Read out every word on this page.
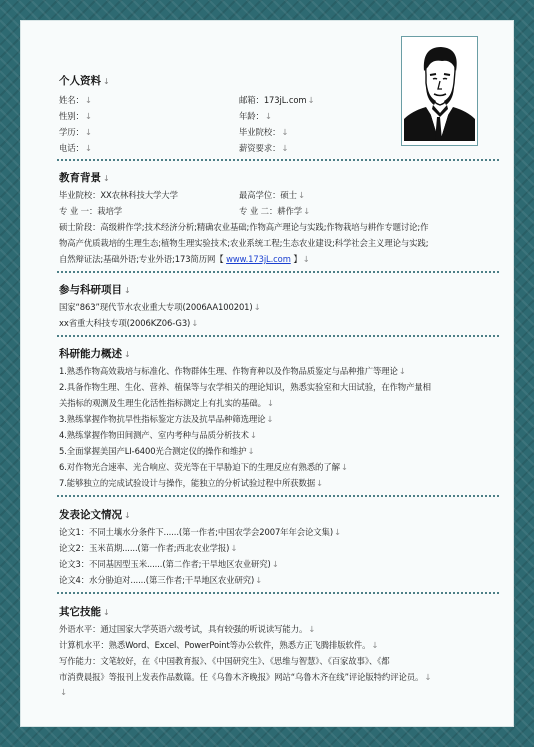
个人资料 ↓
姓名：↓	邮箱：173jL.com↓
性别：↓	年龄：↓
学历：↓	毕业院校：↓
电话：↓	薪资要求：↓
教育背景 ↓
毕业院校：XX农林科技大学大学	最高学位：硕士↓
专 业 一：栽培学	专 业 二：耕作学↓
硕士阶段：高级耕作学;技术经济分析;精确农业基础;作物高产理论与实践;作物栽培与耕作专题讨论;作
物高产优质栽培的生理生态;植物生理实验技术;农业系统工程;生态农业建设;科学社会主义理论与实践;
自然辩证法;基础外语;专业外语;173简历网【 www.173jL.com 】↓
参与科研项目 ↓
国家“863”现代节水农业重大专项(2006AA100201)↓
xx省重大科技专项(2006KZ06-G3)↓
科研能力概述 ↓
1.熟悉作物高效栽培与标准化、作物群体生理、作物育种以及作物品质鉴定与品种推广等理论↓
2.具备作物生理、生化、营养、植保等与农学相关的理论知识，熟悉实验室和大田试验，在作物产量相
关指标的观测及生理生化活性指标测定上有扎实的基础。↓
3.熟练掌握作物抗旱性指标鉴定方法及抗旱品种筛选理论↓
4.熟练掌握作物田间测产、室内考种与品质分析技术↓
5.全面掌握美国产LI-6400光合测定仪的操作和维护↓
6.对作物光合速率、光合响应、荧光等在干旱胁迫下的生理反应有熟悉的了解↓
7.能够独立的完成试验设计与操作，能独立的分析试验过程中所获数据↓
发表论文情况 ↓
论文1：不同土壤水分条件下......(第一作者;中国农学会2007年年会论文集)↓
论文2：玉米苗期......(第一作者;西北农业学报)↓
论文3：不同基因型玉米......(第二作者;干旱地区农业研究)↓
论文4：水分胁迫对......(第三作者;干旱地区农业研究)↓
其它技能 ↓
外语水平：通过国家大学英语六级考试，具有较强的听说读写能力。↓
计算机水平：熟悉Word、Excel、PowerPoint等办公软件，熟悉方正飞腾排版软件。↓
写作能力：文笔较好，在《中国教育报》、《中国研究生》、《思维与智慧》、《百家故事》、《都
市消费晨报》等报刊上发表作品数篇。任《乌鲁木齐晚报》网站“乌鲁木齐在线”评论版特约评论员。↓
↓
